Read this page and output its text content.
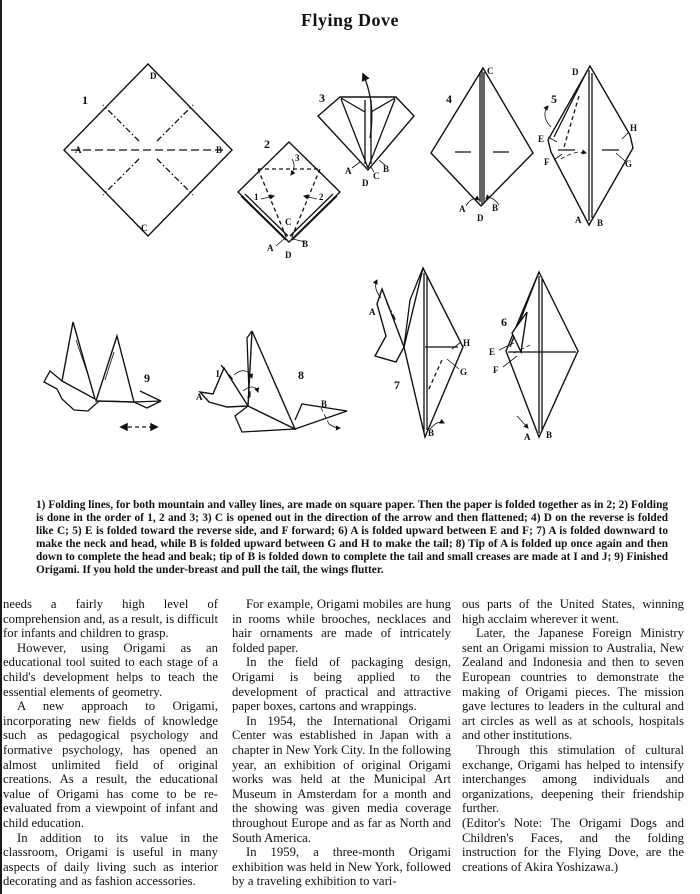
Flying Dove
1
D
A	B
C
2
3
1	2
C
A
D
B
3
A	B
C
D
4
C
A
D
B
5
D
E
F
H
G
A B
6
E
F
A B
7
A
H
G
B
8
I
A	J
B
9

1) Folding lines, for both mountain and valley lines, are made on square paper. Then the paper is folded together as in 2; 2) Folding is done in the order of 1, 2 and 3; 3) C is opened out in the direction of the arrow and then flattened; 4) D on the reverse is folded like C; 5) E is folded toward the reverse side, and F forward; 6) A is folded upward between E and F; 7) A is folded downward to make the neck and head, while B is folded upward between G and H to make the tail; 8) Tip of A is folded up once again and then down to complete the head and beak; tip of B is folded down to complete the tail and small creases are made at I and J; 9) Finished Origami. If you hold the under-breast and pull the tail, the wings flutter.

needs a fairly high level of comprehension and, as a result, is difficult for infants and children to grasp.

However, using Origami as an educational tool suited to each stage of a child's development helps to teach the essential elements of geometry.

A new approach to Origami, incorporating new fields of knowledge such as pedagogical psychology and formative psychology, has opened an almost unlimited field of original creations. As a result, the educational value of Origami has come to be re-evaluated from a viewpoint of infant and child education.

In addition to its value in the classroom, Origami is useful in many aspects of daily living such as interior decorating and as fashion accessories.

For example, Origami mobiles are hung in rooms while brooches, necklaces and hair ornaments are made of intricately folded paper.

In the field of packaging design, Origami is being applied to the development of practical and attractive paper boxes, cartons and wrappings.

In 1954, the International Origami Center was established in Japan with a chapter in New York City. In the following year, an exhibition of original Origami works was held at the Municipal Art Museum in Amsterdam for a month and the showing was given media coverage throughout Europe and as far as North and South America.

In 1959, a three-month Origami exhibition was held in New York, followed by a traveling exhibition to vari-

ous parts of the United States, winning high acclaim wherever it went.

Later, the Japanese Foreign Ministry sent an Origami mission to Australia, New Zealand and Indonesia and then to seven European countries to demonstrate the making of Origami pieces. The mission gave lectures to leaders in the cultural and art circles as well as at schools, hospitals and other institutions.

Through this stimulation of cultural exchange, Origami has helped to intensify interchanges among individuals and organizations, deepening their friendship further.

(Editor's Note: The Origami Dogs and Children's Faces, and the folding instruction for the Flying Dove, are the creations of Akira Yoshizawa.)
